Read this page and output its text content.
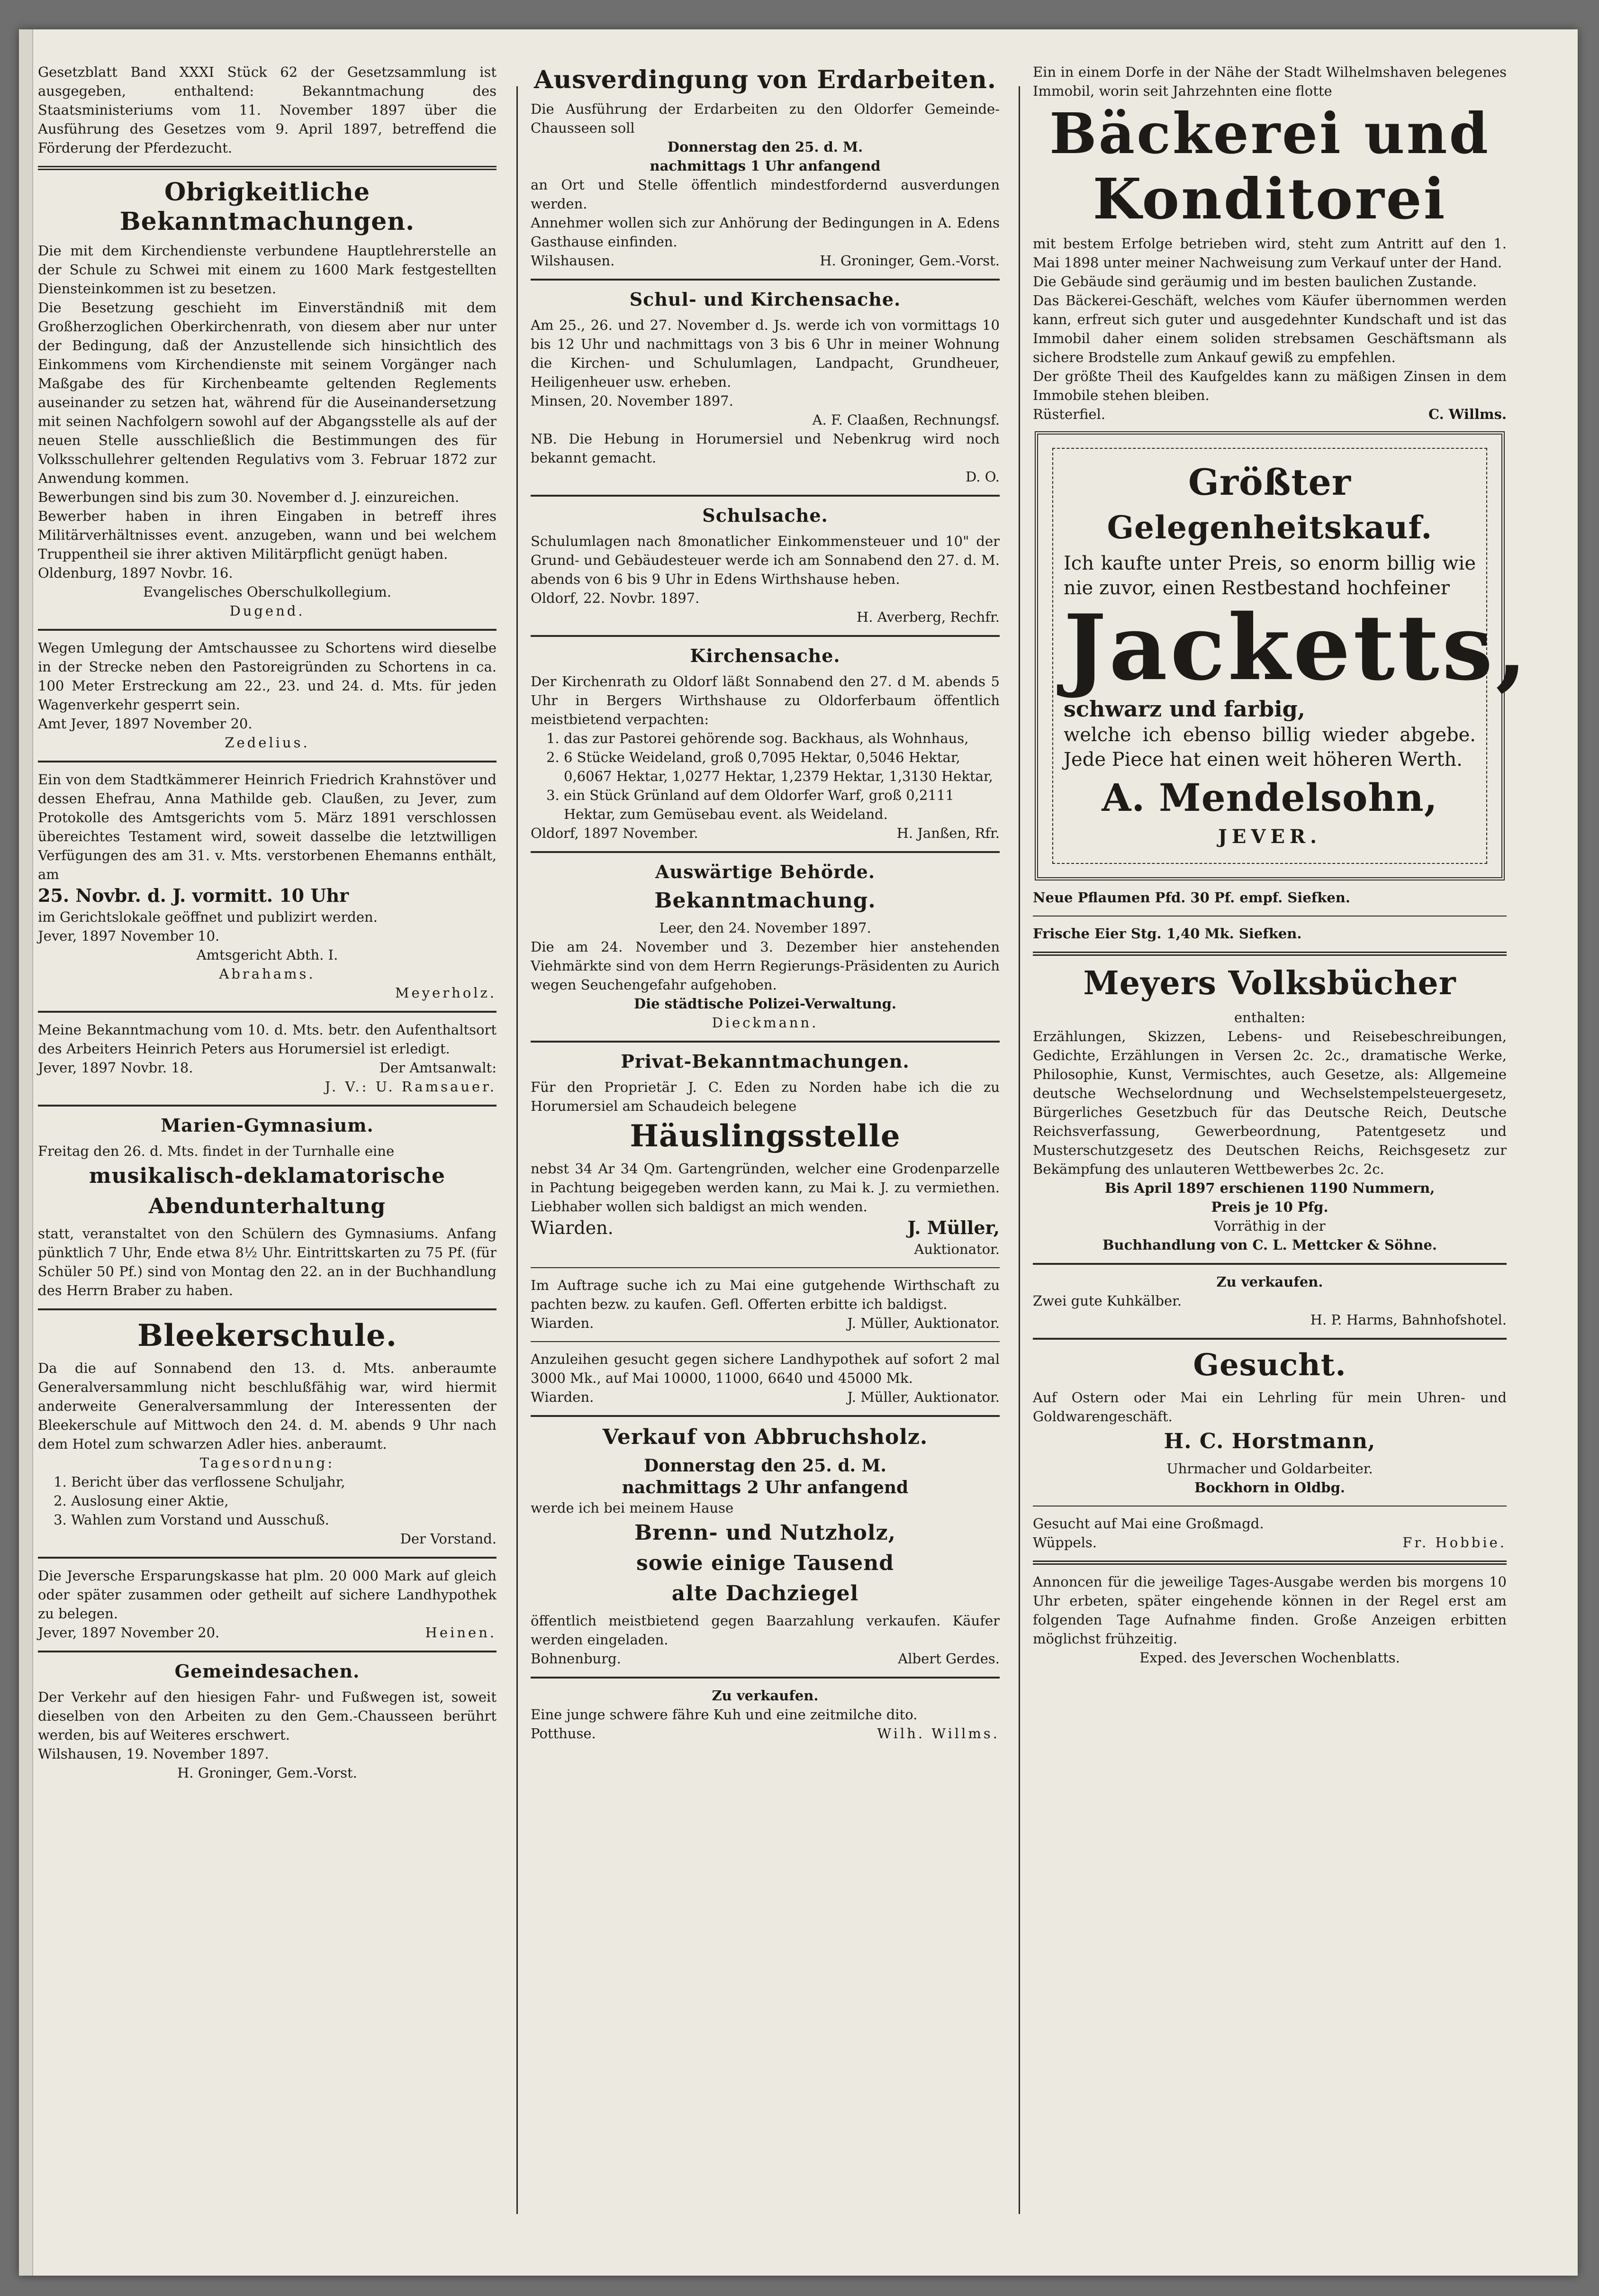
Gesetzblatt Band XXXI Stück 62 der Gesetzsammlung ist ausgegeben, enthaltend: Bekanntmachung des Staatsministeriums vom 11. November 1897 über die Ausführung des Gesetzes vom 9. April 1897, betreffend die Förderung der Pferdezucht.

Obrigkeitliche Bekanntmachungen.

Die mit dem Kirchendienste verbundene Hauptlehrerstelle an der Schule zu Schwei mit einem zu 1600 Mark festgestellten Diensteinkommen ist zu besetzen.

Die Besetzung geschieht im Einverständniß mit dem Großherzoglichen Oberkirchenrath, von diesem aber nur unter der Bedingung, daß der Anzustellende sich hinsichtlich des Einkommens vom Kirchendienste mit seinem Vorgänger nach Maßgabe des für Kirchenbeamte geltenden Reglements auseinander zu setzen hat, während für die Auseinandersetzung mit seinen Nachfolgern sowohl auf der Abgangsstelle als auf der neuen Stelle ausschließlich die Bestimmungen des für Volksschullehrer geltenden Regulativs vom 3. Februar 1872 zur Anwendung kommen.

Bewerbungen sind bis zum 30. November d. J. einzureichen.

Bewerber haben in ihren Eingaben in betreff ihres Militärverhältnisses event. anzugeben, wann und bei welchem Truppentheil sie ihrer aktiven Militärpflicht genügt haben.

Oldenburg, 1897 Novbr. 16.

Evangelisches Oberschulkollegium.

Dugend.

Wegen Umlegung der Amtschaussee zu Schortens wird dieselbe in der Strecke neben den Pastoreigründen zu Schortens in ca. 100 Meter Erstreckung am 22., 23. und 24. d. Mts. für jeden Wagenverkehr gesperrt sein.

Amt Jever, 1897 November 20.

Zedelius.

Ein von dem Stadtkämmerer Heinrich Friedrich Krahnstöver und dessen Ehefrau, Anna Mathilde geb. Claußen, zu Jever, zum Protokolle des Amtsgerichts vom 5. März 1891 verschlossen übereichtes Testament wird, soweit dasselbe die letztwilligen Verfügungen des am 31. v. Mts. verstorbenen Ehemanns enthält, am

25. Novbr. d. J. vormitt. 10 Uhr

im Gerichtslokale geöffnet und publizirt werden.

Jever, 1897 November 10.

Amtsgericht Abth. I.

Abrahams.

Meyerholz.

Meine Bekanntmachung vom 10. d. Mts. betr. den Aufenthaltsort des Arbeiters Heinrich Peters aus Horumersiel ist erledigt.

Jever, 1897 Novbr. 18.	Der Amtsanwalt:

J. V.: U. Ramsauer.

Marien-Gymnasium.

Freitag den 26. d. Mts. findet in der Turnhalle eine

musikalisch-deklamatorische
Abendunterhaltung

statt, veranstaltet von den Schülern des Gymnasiums. Anfang pünktlich 7 Uhr, Ende etwa 8½ Uhr. Eintrittskarten zu 75 Pf. (für Schüler 50 Pf.) sind von Montag den 22. an in der Buchhandlung des Herrn Braber zu haben.

Bleekerschule.

Da die auf Sonnabend den 13. d. Mts. anberaumte Generalversammlung nicht beschlußfähig war, wird hiermit anderweite Generalversammlung der Interessenten der Bleekerschule auf Mittwoch den 24. d. M. abends 9 Uhr nach dem Hotel zum schwarzen Adler hies. anberaumt.

Tagesordnung:

1. Bericht über das verflossene Schuljahr,
2. Auslosung einer Aktie,
3. Wahlen zum Vorstand und Ausschuß.

Der Vorstand.

Die Jeversche Ersparungskasse hat plm. 20 000 Mark auf gleich oder später zusammen oder getheilt auf sichere Landhypothek zu belegen.

Jever, 1897 November 20.	Heinen.
Gemeindesachen.

Der Verkehr auf den hiesigen Fahr- und Fußwegen ist, soweit dieselben von den Arbeiten zu den Gem.-Chausseen berührt werden, bis auf Weiteres erschwert.

Wilshausen, 19. November 1897.

H. Groninger, Gem.-Vorst.

Ausverdingung von Erdarbeiten.

Die Ausführung der Erdarbeiten zu den Oldorfer Gemeinde-Chausseen soll

Donnerstag den 25. d. M.

nachmittags 1 Uhr anfangend

an Ort und Stelle öffentlich mindestfordernd ausverdungen werden.

Annehmer wollen sich zur Anhörung der Bedingungen in A. Edens Gasthause einfinden.

Wilshausen.	H. Groninger, Gem.-Vorst.
Schul- und Kirchensache.

Am 25., 26. und 27. November d. Js. werde ich von vormittags 10 bis 12 Uhr und nachmittags von 3 bis 6 Uhr in meiner Wohnung die Kirchen- und Schulumlagen, Landpacht, Grundheuer, Heiligenheuer usw. erheben.

Minsen, 20. November 1897.

A. F. Claaßen, Rechnungsf.

NB. Die Hebung in Horumersiel und Nebenkrug wird noch bekannt gemacht.

D. O.

Schulsache.

Schulumlagen nach 8monatlicher Einkommensteuer und 10" der Grund- und Gebäudesteuer werde ich am Sonnabend den 27. d. M. abends von 6 bis 9 Uhr in Edens Wirthshause heben.

Oldorf, 22. Novbr. 1897.

H. Averberg, Rechfr.

Kirchensache.

Der Kirchenrath zu Oldorf läßt Sonnabend den 27. d M. abends 5 Uhr in Bergers Wirthshause zu Oldorferbaum öffentlich meistbietend verpachten:

1. das zur Pastorei gehörende sog. Backhaus, als Wohnhaus,
2. 6 Stücke Weideland, groß 0,7095 Hektar, 0,5046 Hektar, 0,6067 Hektar, 1,0277 Hektar, 1,2379 Hektar, 1,3130 Hektar,
3. ein Stück Grünland auf dem Oldorfer Warf, groß 0,2111 Hektar, zum Gemüsebau event. als Weideland.
Oldorf, 1897 November.	H. Janßen, Rfr.
Auswärtige Behörde.
Bekanntmachung.

Leer, den 24. November 1897.

Die am 24. November und 3. Dezember hier anstehenden Viehmärkte sind von dem Herrn Regierungs-Präsidenten zu Aurich wegen Seuchengefahr aufgehoben.

Die städtische Polizei-Verwaltung.

Dieckmann.

Privat-Bekanntmachungen.

Für den Proprietär J. C. Eden zu Norden habe ich die zu Horumersiel am Schaudeich belegene

Häuslingsstelle

nebst 34 Ar 34 Qm. Gartengründen, welcher eine Grodenparzelle in Pachtung beigegeben werden kann, zu Mai k. J. zu vermiethen. Liebhaber wollen sich baldigst an mich wenden.

Wiarden.	J. Müller,

Auktionator.

Im Auftrage suche ich zu Mai eine gutgehende Wirthschaft zu pachten bezw. zu kaufen. Gefl. Offerten erbitte ich baldigst.

Wiarden.	J. Müller, Auktionator.

Anzuleihen gesucht gegen sichere Landhypothek auf sofort 2 mal 3000 Mk., auf Mai 10000, 11000, 6640 und 45000 Mk.

Wiarden.	J. Müller, Auktionator.
Verkauf von Abbruchsholz.

Donnerstag den 25. d. M.

nachmittags 2 Uhr anfangend

werde ich bei meinem Hause

Brenn- und Nutzholz,
sowie einige Tausend
alte Dachziegel

öffentlich meistbietend gegen Baarzahlung verkaufen. Käufer werden eingeladen.

Bohnenburg.	Albert Gerdes.

Zu verkaufen.

Eine junge schwere fähre Kuh und eine zeitmilche dito.

Potthuse.	Wilh. Willms.

Ein in einem Dorfe in der Nähe der Stadt Wilhelmshaven belegenes Immobil, worin seit Jahrzehnten eine flotte

Bäckerei und
Konditorei

mit bestem Erfolge betrieben wird, steht zum Antritt auf den 1. Mai 1898 unter meiner Nachweisung zum Verkauf unter der Hand.

Die Gebäude sind geräumig und im besten baulichen Zustande.

Das Bäckerei-Geschäft, welches vom Käufer übernommen werden kann, erfreut sich guter und ausgedehnter Kundschaft und ist das Immobil daher einem soliden strebsamen Geschäftsmann als sichere Brodstelle zum Ankauf gewiß zu empfehlen.

Der größte Theil des Kaufgeldes kann zu mäßigen Zinsen in dem Immobile stehen bleiben.

Rüsterfiel.	C. Willms.
Größter
Gelegenheitskauf.

Ich kaufte unter Preis, so enorm billig wie nie zuvor, einen Restbestand hochfeiner

Jacketts,

schwarz und farbig,

welche ich ebenso billig wieder abgebe. Jede Piece hat einen weit höheren Werth.

A. Mendelsohn,
JEVER.

Neue Pflaumen Pfd. 30 Pf. empf. Siefken.

Frische Eier Stg. 1,40 Mk. Siefken.

Meyers Volksbücher

enthalten:

Erzählungen, Skizzen, Lebens- und Reisebeschreibungen, Gedichte, Erzählungen in Versen 2c. 2c., dramatische Werke, Philosophie, Kunst, Vermischtes, auch Gesetze, als: Allgemeine deutsche Wechselordnung und Wechselstempelsteuergesetz, Bürgerliches Gesetzbuch für das Deutsche Reich, Deutsche Reichsverfassung, Gewerbeordnung, Patentgesetz und Musterschutzgesetz des Deutschen Reichs, Reichsgesetz zur Bekämpfung des unlauteren Wettbewerbes 2c. 2c.

Bis April 1897 erschienen 1190 Nummern,

Preis je 10 Pfg.

Vorräthig in der

Buchhandlung von C. L. Mettcker & Söhne.

Zu verkaufen.

Zwei gute Kuhkälber.

H. P. Harms, Bahnhofshotel.

Gesucht.

Auf Ostern oder Mai ein Lehrling für mein Uhren- und Goldwarengeschäft.

H. C. Horstmann,

Uhrmacher und Goldarbeiter.

Bockhorn in Oldbg.

Gesucht auf Mai eine Großmagd.

Wüppels.	Fr. Hobbie.

Annoncen für die jeweilige Tages-Ausgabe werden bis morgens 10 Uhr erbeten, später eingehende können in der Regel erst am folgenden Tage Aufnahme finden. Große Anzeigen erbitten möglichst frühzeitig.

Exped. des Jeverschen Wochenblatts.
